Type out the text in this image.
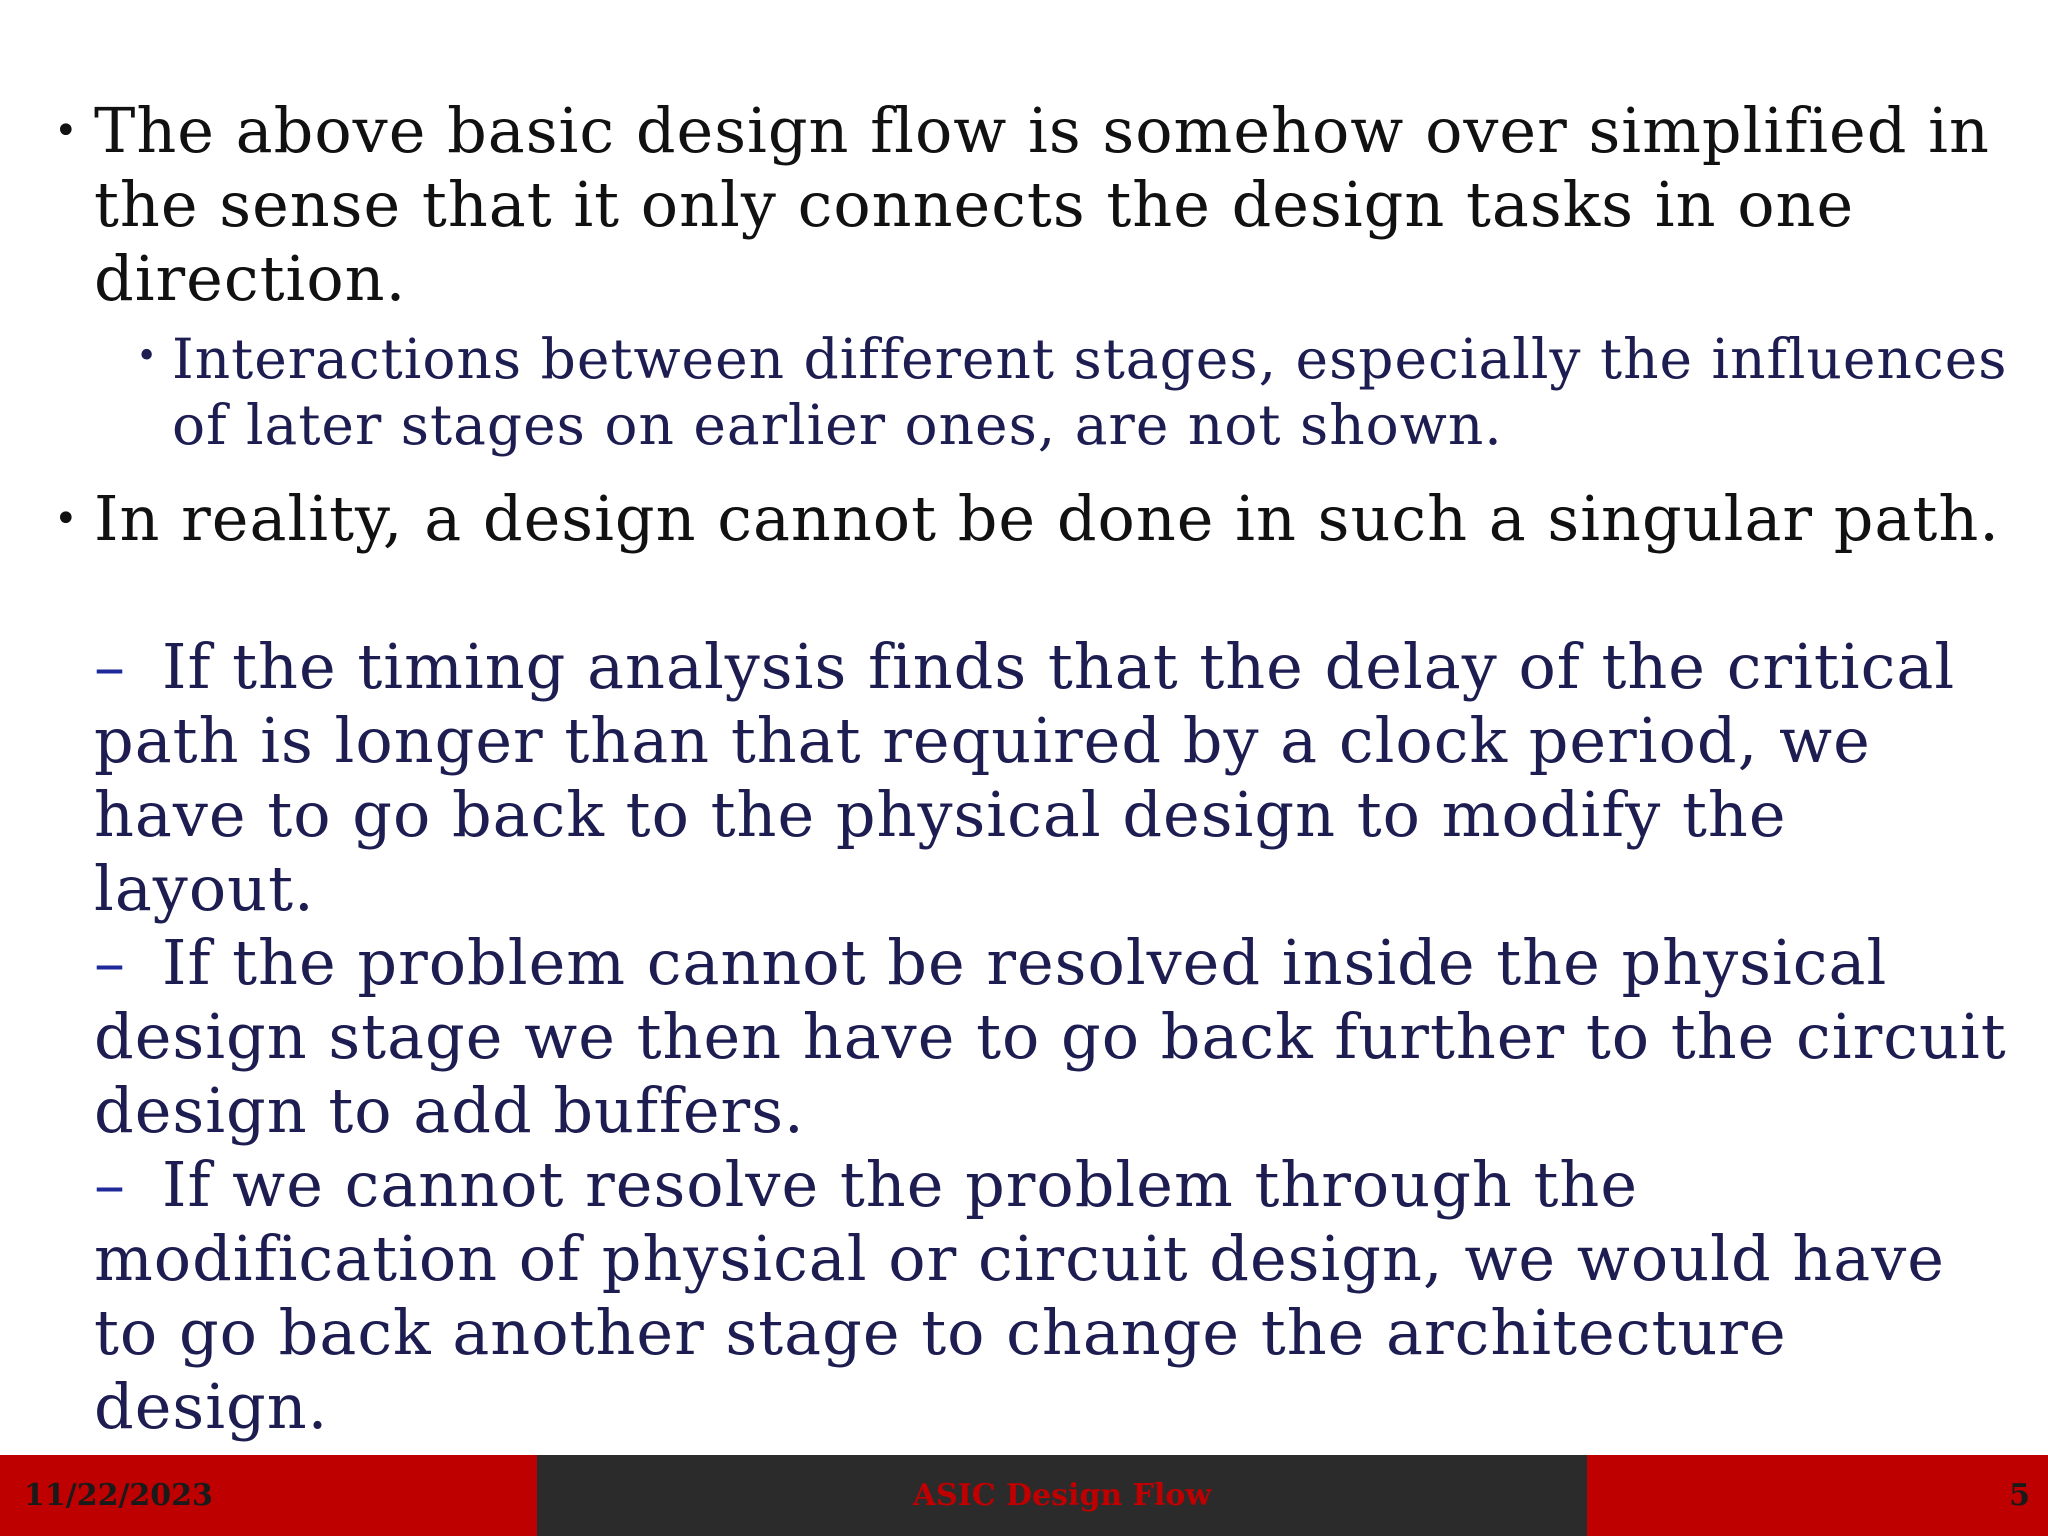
• The above basic design flow is somehow over simplified in the sense that it only connects the design tasks in one direction.
• Interactions between different stages, especially the influences of later stages on earlier ones, are not shown.
• In reality, a design cannot be done in such a singular path.
– If the timing analysis finds that the delay of the critical path is longer than that required by a clock period, we have to go back to the physical design to modify the layout.
– If the problem cannot be resolved inside the physical design stage we then have to go back further to the circuit design to add buffers.
– If we cannot resolve the problem through the modification of physical or circuit design, we would have to go back another stage to change the architecture design.
11/22/2023	ASIC Design Flow	5
